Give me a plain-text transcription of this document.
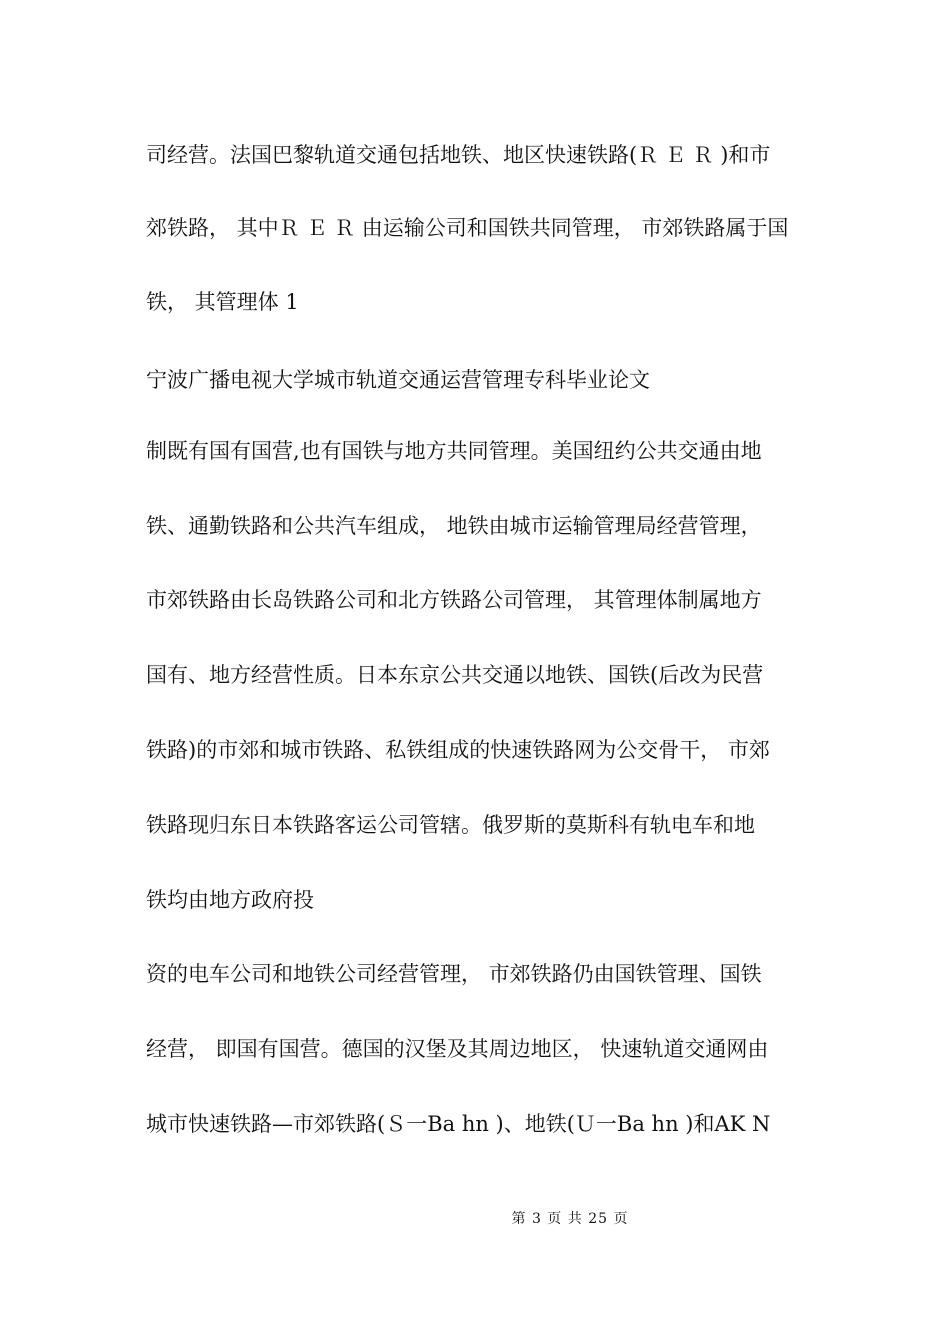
司经营。法国巴黎轨道交通包括地铁、地区快速铁路(Ｒ Ｅ Ｒ )和市
郊铁路， 其中Ｒ Ｅ Ｒ 由运输公司和国铁共同管理， 市郊铁路属于国
铁， 其管理体 1
宁波广播电视大学城市轨道交通运营管理专科毕业论文
制既有国有国营,也有国铁与地方共同管理。美国纽约公共交通由地
铁、通勤铁路和公共汽车组成， 地铁由城市运输管理局经营管理，
市郊铁路由长岛铁路公司和北方铁路公司管理， 其管理体制属地方
国有、地方经营性质。日本东京公共交通以地铁、国铁(后改为民营
铁路)的市郊和城市铁路、私铁组成的快速铁路网为公交骨干， 市郊
铁路现归东日本铁路客运公司管辖。俄罗斯的莫斯科有轨电车和地
铁均由地方政府投
资的电车公司和地铁公司经营管理， 市郊铁路仍由国铁管理、国铁
经营， 即国有国营。德国的汉堡及其周边地区， 快速轨道交通网由
城市快速铁路—市郊铁路(Ｓ一Ba hn )、地铁(Ｕ一Ba hn )和AK N
第 3 页 共 25 页
